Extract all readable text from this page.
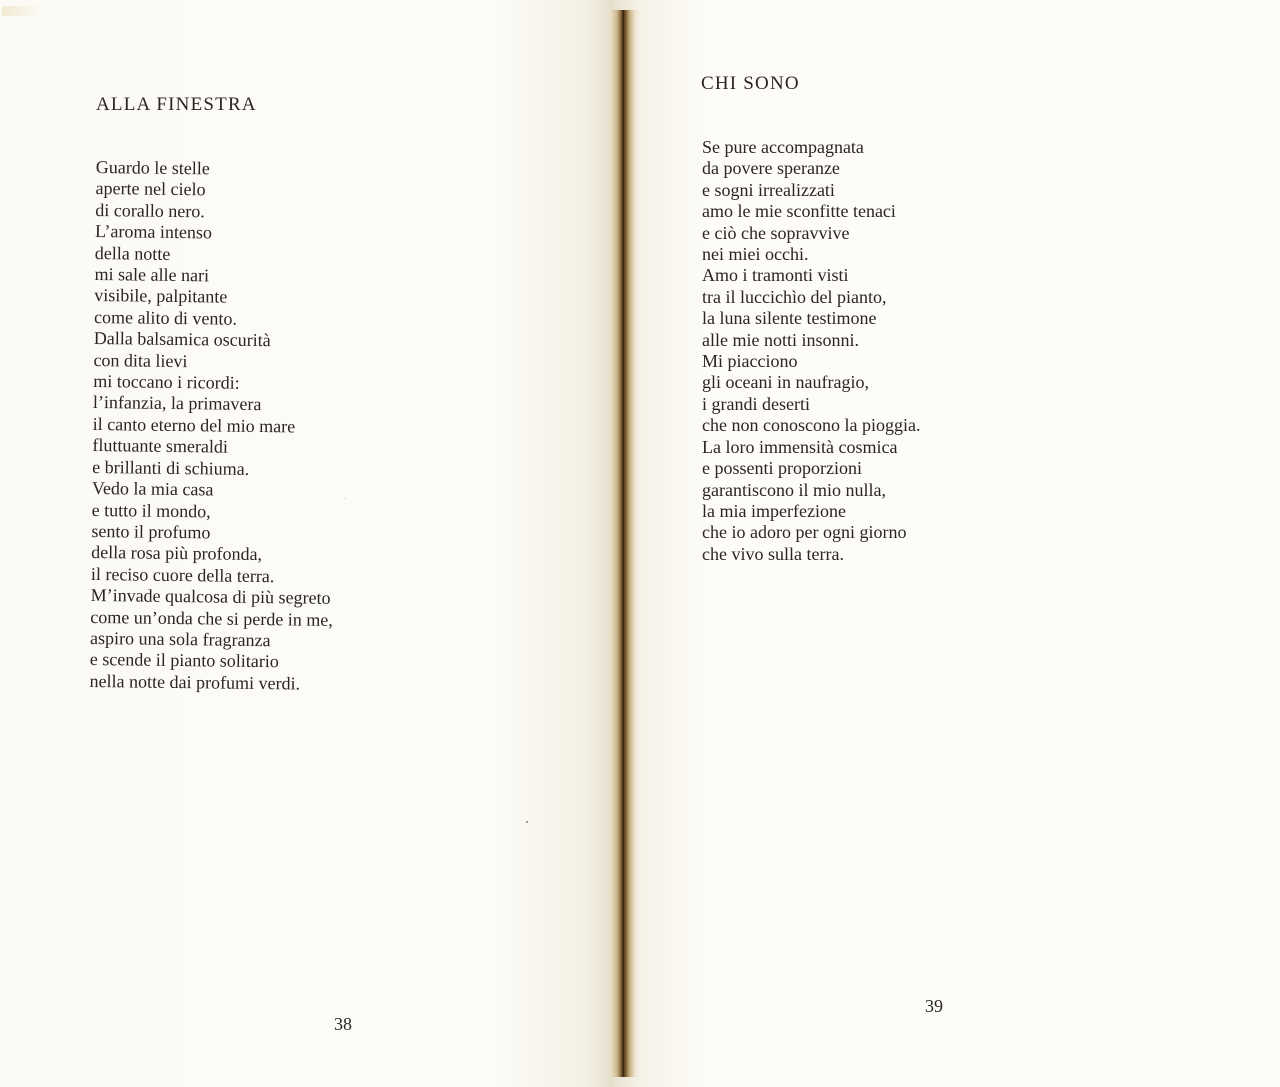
ALLA FINESTRA
Guardo le stelle
aperte nel cielo
di corallo nero.
L’aroma intenso
della notte
mi sale alle nari
visibile, palpitante
come alito di vento.
Dalla balsamica oscurità
con dita lievi
mi toccano i ricordi:
l’infanzia, la primavera
il canto eterno del mio mare
fluttuante smeraldi
e brillanti di schiuma.
Vedo la mia casa
e tutto il mondo,
sento il profumo
della rosa più profonda,
il reciso cuore della terra.
M’invade qualcosa di più segreto
come un’onda che si perde in me,
aspiro una sola fragranza
e scende il pianto solitario
nella notte dai profumi verdi.
38
CHI SONO
Se pure accompagnata
da povere speranze
e sogni irrealizzati
amo le mie sconfitte tenaci
e ciò che sopravvive
nei miei occhi.
Amo i tramonti visti
tra il luccichìo del pianto,
la luna silente testimone
alle mie notti insonni.
Mi piacciono
gli oceani in naufragio,
i grandi deserti
che non conoscono la pioggia.
La loro immensità cosmica
e possenti proporzioni
garantiscono il mio nulla,
la mia imperfezione
che io adoro per ogni giorno
che vivo sulla terra.
39
